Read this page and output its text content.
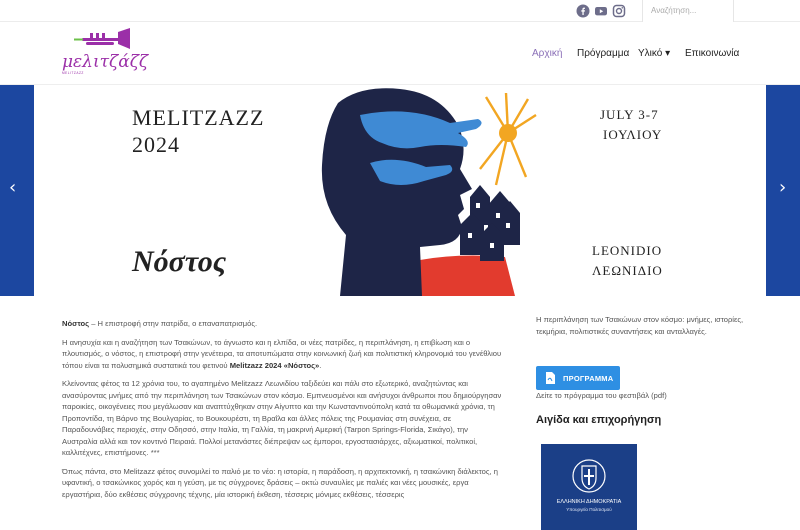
Αναζήτηση...
μελιτζάζζ
MELITZAZZ
Αρχική Πρόγραμμα Υλικό ▾ Επικοινωνία
‹	›
MELITZAZZ
2024
JULY 3-7
ΙΟΥΛΙΟΥ
Νόστος	LEONIDIO
ΛΕΩΝΙΔΙΟ

Νόστος – Η επιστροφή στην πατρίδα, ο επαναπατρισμός.

Η ανησυχία και η αναζήτηση των Τσακώνων, το άγνωστο και η ελπίδα, οι νέες πατρίδες, η περιπλάνηση, η επιβίωση και ο πλουτισμός, ο νόστος, η επιστροφή στην γενέτειρα, τα αποτυπώματα στην κοινωνική ζωή και πολιτιστική κληρονομιά του γενέθλιου τόπου είναι τα πολυσημικά συστατικά του φετινού Melitzazz 2024 «Νόστος».

Κλείνοντας φέτος τα 12 χρόνια του, το αγαπημένο Melitzazz Λεωνιδίου ταξιδεύει και πάλι στο εξωτερικό, αναζητώντας και ανασύροντας μνήμες από την περιπλάνηση των Τσακώνων στον κόσμο. Εμπνευσμένοι και ανήσυχοι άνθρωποι που δημιούργησαν παροικίες, οικογένειες που μεγάλωσαν και αναπτύχθηκαν στην Αίγυπτο και την Κωνσταντινούπολη κατά τα οθωμανικά χρόνια, τη Προποντίδα, τη Βάρνο της Βουλγαρίας, το Βουκουρέστι, τη Βραΐλα και άλλες πόλεις της Ρουμανίας στη συνέχεια, σε Παραδουνάβιες περιοχές, στην Οδησσό, στην Ιταλία, τη Γαλλία, τη μακρινή Αμερική (Tarpon Springs-Florida, Σικάγο), την Αυστραλία αλλά και τον κοντινό Πειραιά. Πολλοί μετανάστες διέπρεψαν ως έμποροι, εργοστασιάρχες, αξιωματικοί, πολιτικοί, καλλιτέχνες, επιστήμονες. ***

Όπως πάντα, στο Melitzazz φέτος συνομιλεί το παλιό με το νέο: η ιστορία, η παράδοση, η αρχιτεκτονική, η τσακώνικη διάλεκτος, η υφαντική, ο τσακώνικος χορός και η γεύση, με τις σύγχρονες δράσεις – οκτώ συναυλίες με παλιές και νέες μουσικές, εργα εργαστήρια, δύο εκθέσεις σύγχρονης τέχνης, μία ιστορική έκθεση, τέσσερις μόνιμες εκθέσεις, τέσσερις

Η περιπλάνηση των Τσακώνων στον κόσμο: μνήμες, ιστορίες, τεκμήρια, πολιτιστικές συναντήσεις και ανταλλαγές.
ΠΡΟΓΡΑΜΜΑ
Δείτε το πρόγραμμα του φεστιβάλ (pdf)
Αιγίδα και επιχορήγηση
ΕΛΛΗΝΙΚΗ ΔΗΜΟΚΡΑΤΙΑ
Υπουργείο Πολιτισμού
